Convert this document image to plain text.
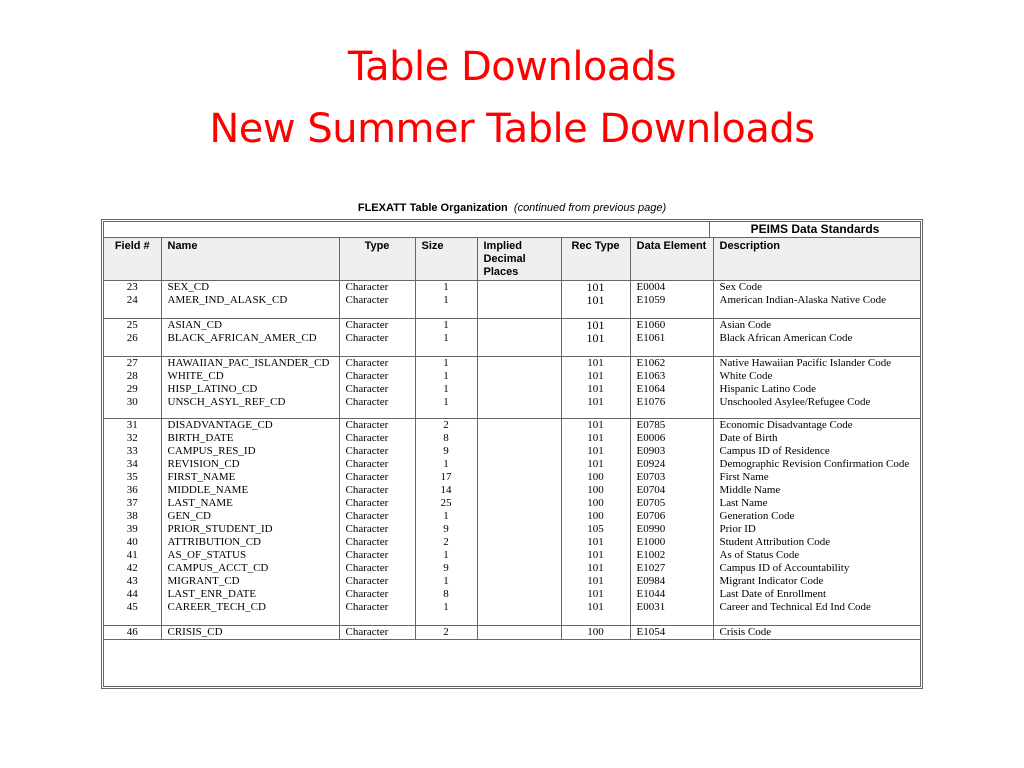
Table Downloads
New Summer Table Downloads
FLEXATT Table Organization (continued from previous page)
PEIMS Data Standards
Field #	Name	Type	Size	Implied Decimal Places	Rec Type	Data Element	Description
23	SEX_CD	Character	1		101	E0004	Sex Code
24	AMER_IND_ALASK_CD	Character	1		101	E1059	American Indian-Alaska Native Code

25	ASIAN_CD	Character	1		101	E1060	Asian Code
26	BLACK_AFRICAN_AMER_CD	Character	1		101	E1061	Black African American Code

27	HAWAIIAN_PAC_ISLANDER_CD	Character	1		101	E1062	Native Hawaiian Pacific Islander Code
28	WHITE_CD	Character	1		101	E1063	White Code
29	HISP_LATINO_CD	Character	1		101	E1064	Hispanic Latino Code
30	UNSCH_ASYL_REF_CD	Character	1		101	E1076	Unschooled Asylee/Refugee Code

31	DISADVANTAGE_CD	Character	2		101	E0785	Economic Disadvantage Code
32	BIRTH_DATE	Character	8		101	E0006	Date of Birth
33	CAMPUS_RES_ID	Character	9		101	E0903	Campus ID of Residence
34	REVISION_CD	Character	1		101	E0924	Demographic Revision Confirmation Code
35	FIRST_NAME	Character	17		100	E0703	First Name
36	MIDDLE_NAME	Character	14		100	E0704	Middle Name
37	LAST_NAME	Character	25		100	E0705	Last Name
38	GEN_CD	Character	1		100	E0706	Generation Code
39	PRIOR_STUDENT_ID	Character	9		105	E0990	Prior ID
40	ATTRIBUTION_CD	Character	2		101	E1000	Student Attribution Code
41	AS_OF_STATUS	Character	1		101	E1002	As of Status Code
42	CAMPUS_ACCT_CD	Character	9		101	E1027	Campus ID of Accountability
43	MIGRANT_CD	Character	1		101	E0984	Migrant Indicator Code
44	LAST_ENR_DATE	Character	8		101	E1044	Last Date of Enrollment
45	CAREER_TECH_CD	Character	1		101	E0031	Career and Technical Ed Ind Code

46	CRISIS_CD	Character	2		100	E1054	Crisis Code
